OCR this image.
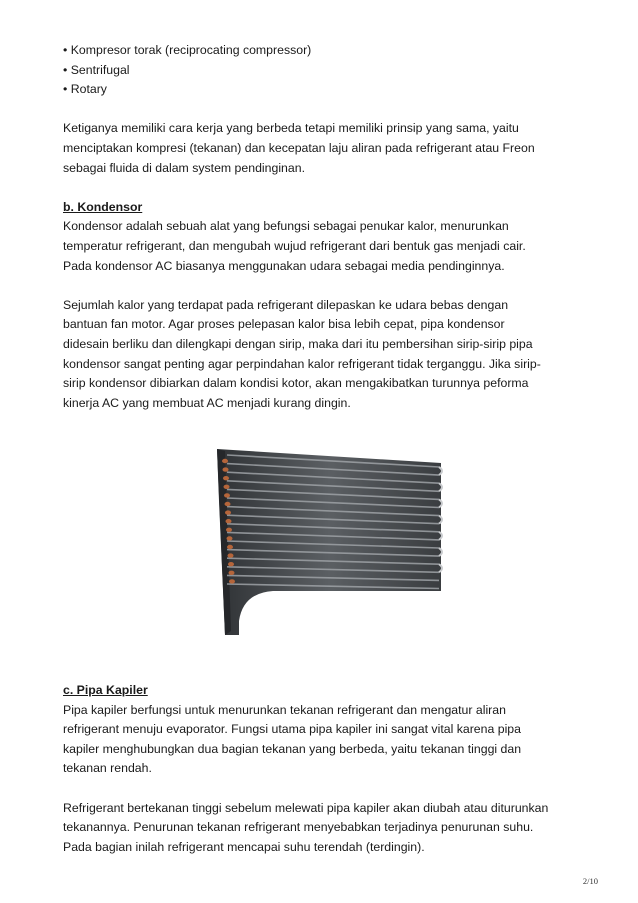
• Kompresor torak (reciprocating compressor)
• Sentrifugal
• Rotary
Ketiganya memiliki cara kerja yang berbeda tetapi memiliki prinsip yang sama, yaitu
menciptakan kompresi (tekanan) dan kecepatan laju aliran pada refrigerant atau Freon
sebagai fluida di dalam system pendinginan.
b. Kondensor
Kondensor adalah sebuah alat yang befungsi sebagai penukar kalor, menurunkan
temperatur refrigerant, dan mengubah wujud refrigerant dari bentuk gas menjadi cair.
Pada kondensor AC biasanya menggunakan udara sebagai media pendinginnya.
Sejumlah kalor yang terdapat pada refrigerant dilepaskan ke udara bebas dengan
bantuan fan motor. Agar proses pelepasan kalor bisa lebih cepat, pipa kondensor
didesain berliku dan dilengkapi dengan sirip, maka dari itu pembersihan sirip-sirip pipa
kondensor sangat penting agar perpindahan kalor refrigerant tidak terganggu. Jika sirip-
sirip kondensor dibiarkan dalam kondisi kotor, akan mengakibatkan turunnya peforma
kinerja AC yang membuat AC menjadi kurang dingin.
c. Pipa Kapiler
Pipa kapiler berfungsi untuk menurunkan tekanan refrigerant dan mengatur aliran
refrigerant menuju evaporator. Fungsi utama pipa kapiler ini sangat vital karena pipa
kapiler menghubungkan dua bagian tekanan yang berbeda, yaitu tekanan tinggi dan
tekanan rendah.
Refrigerant bertekanan tinggi sebelum melewati pipa kapiler akan diubah atau diturunkan
tekanannya. Penurunan tekanan refrigerant menyebabkan terjadinya penurunan suhu.
Pada bagian inilah refrigerant mencapai suhu terendah (terdingin).
2/10
